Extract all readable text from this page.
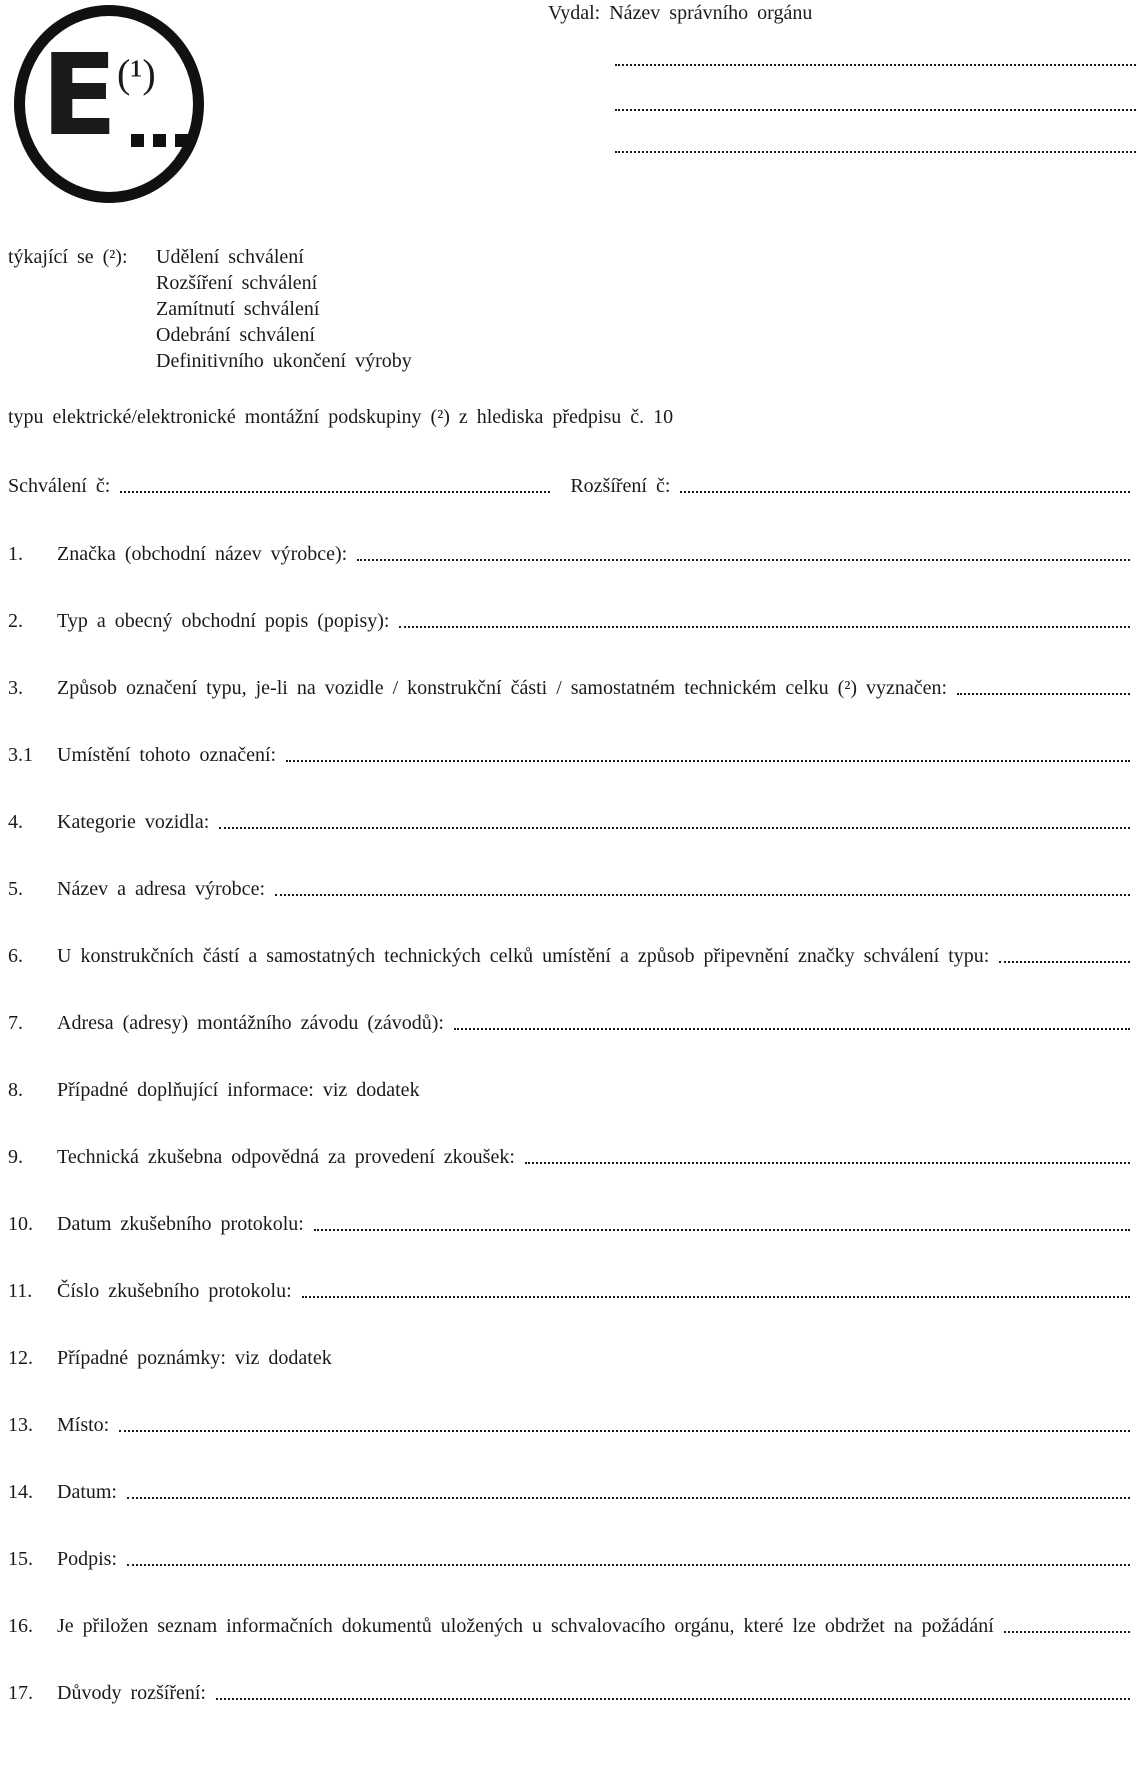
E (¹)
Vydal: Název správního orgánu
týkající se (²):	Udělení schválení
Rozšíření schválení
Zamítnutí schválení
Odebrání schválení
Definitivního ukončení výroby
typu elektrické/elektronické montážní podskupiny (²) z hlediska předpisu č. 10
Schválení č:	Rozšíření č:
1.	Značka (obchodní název výrobce):
2.	Typ a obecný obchodní popis (popisy):
3.	Způsob označení typu, je-li na vozidle / konstrukční části / samostatném technickém celku (²) vyznačen:
3.1	Umístění tohoto označení:
4.	Kategorie vozidla:
5.	Název a adresa výrobce:
6.	U konstrukčních částí a samostatných technických celků umístění a způsob připevnění značky schválení typu:
7.	Adresa (adresy) montážního závodu (závodů):
8.	Případné doplňující informace: viz dodatek
9.	Technická zkušebna odpovědná za provedení zkoušek:
10.	Datum zkušebního protokolu:
11.	Číslo zkušebního protokolu:
12.	Případné poznámky: viz dodatek
13.	Místo:
14.	Datum:
15.	Podpis:
16.	Je přiložen seznam informačních dokumentů uložených u schvalovacího orgánu, které lze obdržet na požádání
17.	Důvody rozšíření:
